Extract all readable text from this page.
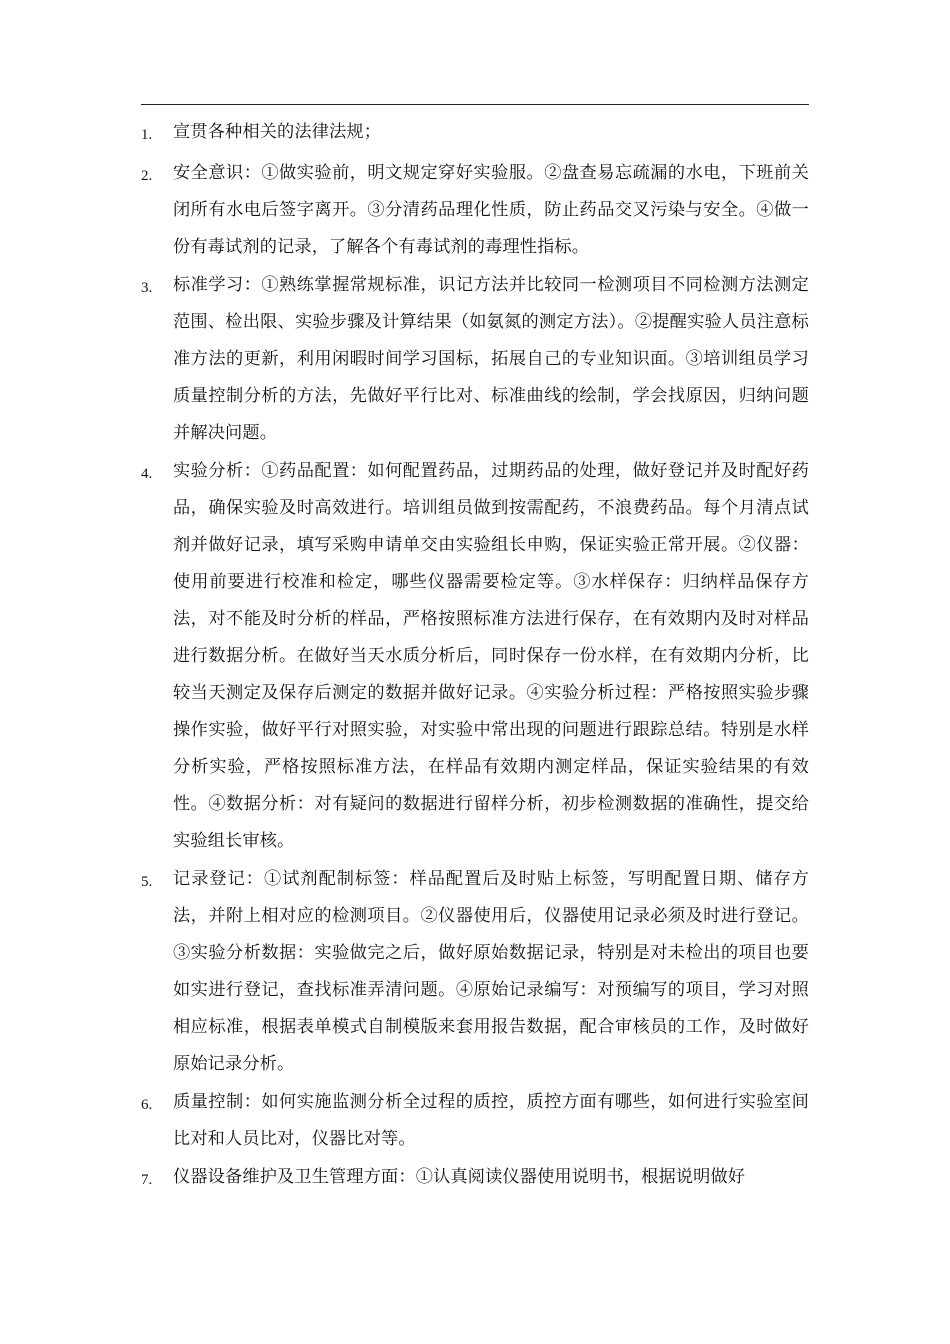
1.	宣贯各种相关的法律法规；
2.	安全意识：①做实验前，明文规定穿好实验服。②盘查易忘疏漏的水电，下班前关闭所有水电后签字离开。③分清药品理化性质，防止药品交叉污染与安全。④做一份有毒试剂的记录，了解各个有毒试剂的毒理性指标。
3.	标准学习：①熟练掌握常规标准，识记方法并比较同一检测项目不同检测方法测定范围、检出限、实验步骤及计算结果（如氨氮的测定方法）。②提醒实验人员注意标准方法的更新，利用闲暇时间学习国标，拓展自己的专业知识面。③培训组员学习质量控制分析的方法，先做好平行比对、标准曲线的绘制，学会找原因，归纳问题并解决问题。
4.	实验分析：①药品配置：如何配置药品，过期药品的处理，做好登记并及时配好药品，确保实验及时高效进行。培训组员做到按需配药，不浪费药品。每个月清点试剂并做好记录，填写采购申请单交由实验组长申购，保证实验正常开展。②仪器：使用前要进行校准和检定，哪些仪器需要检定等。③水样保存：归纳样品保存方法，对不能及时分析的样品，严格按照标准方法进行保存，在有效期内及时对样品进行数据分析。在做好当天水质分析后，同时保存一份水样，在有效期内分析，比较当天测定及保存后测定的数据并做好记录。④实验分析过程：严格按照实验步骤操作实验，做好平行对照实验，对实验中常出现的问题进行跟踪总结。特别是水样分析实验，严格按照标准方法，在样品有效期内测定样品，保证实验结果的有效性。④数据分析：对有疑问的数据进行留样分析，初步检测数据的准确性，提交给实验组长审核。
5.	记录登记：①试剂配制标签：样品配置后及时贴上标签，写明配置日期、储存方法，并附上相对应的检测项目。②仪器使用后，仪器使用记录必须及时进行登记。③实验分析数据：实验做完之后，做好原始数据记录，特别是对未检出的项目也要如实进行登记，查找标准弄清问题。④原始记录编写：对预编写的项目，学习对照相应标准，根据表单模式自制模版来套用报告数据，配合审核员的工作，及时做好原始记录分析。
6.	质量控制：如何实施监测分析全过程的质控，质控方面有哪些，如何进行实验室间比对和人员比对，仪器比对等。
7.	仪器设备维护及卫生管理方面：①认真阅读仪器使用说明书，根据说明做好
